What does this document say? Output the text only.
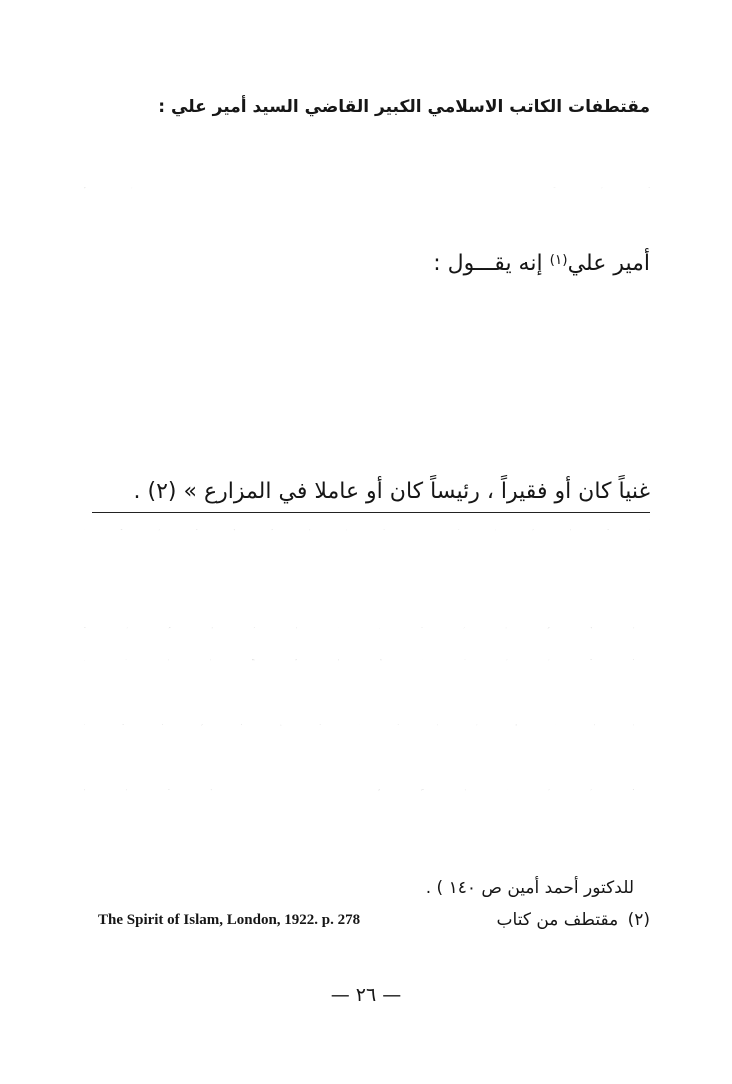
مقتطفات الكاتب الاسلامي الكبير القاضي السيد أمير علي :
أمير علي$^{(١)}$ إنه يقـــول :
غنياً كان أو فقيراً ، رئيساً كان أو عاملا في المزارع » (٢) .
للدكتور أحمد أمين ص ١٤٠ ) .
(٢) مقتطف من كتاب
The Spirit of Islam, London, 1922. p. 278
— ٢٦ —
